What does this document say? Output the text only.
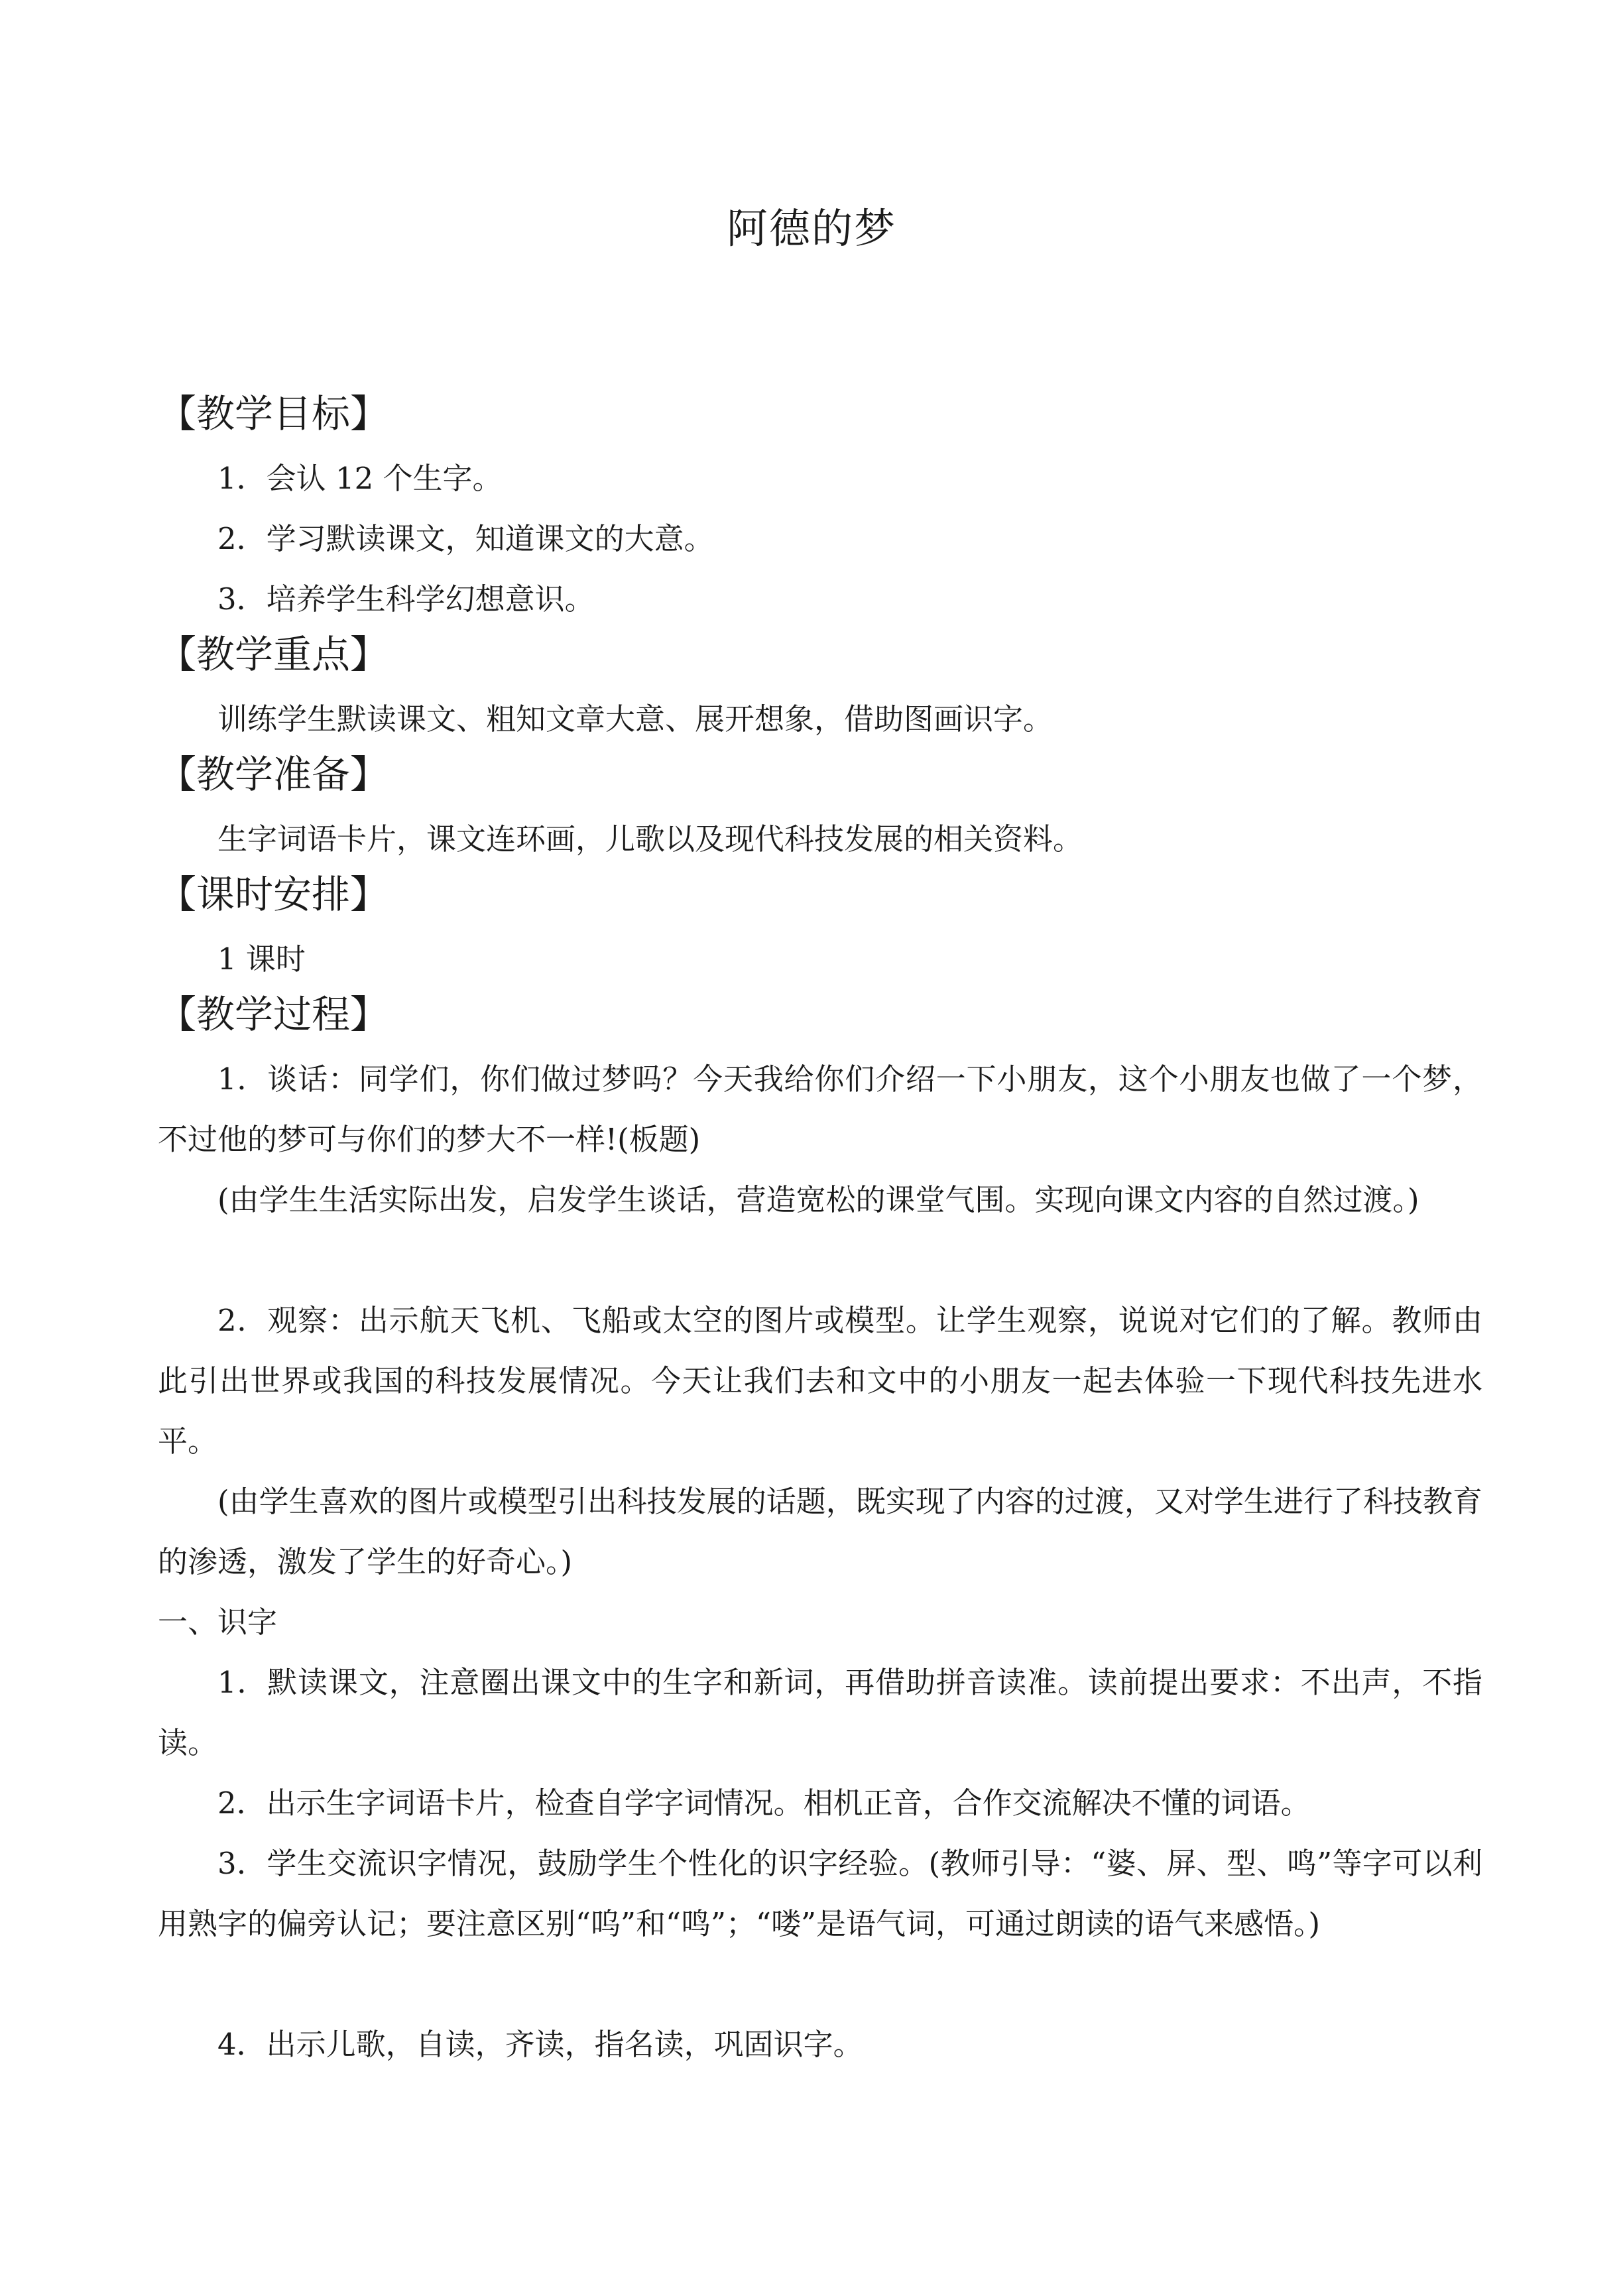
阿德的梦
【教学目标】
1．会认 12 个生字。
2．学习默读课文，知道课文的大意。
3．培养学生科学幻想意识。
【教学重点】
训练学生默读课文、粗知文章大意、展开想象，借助图画识字。
【教学准备】
生字词语卡片，课文连环画，儿歌以及现代科技发展的相关资料。
【课时安排】
1 课时
【教学过程】
1．谈话：同学们，你们做过梦吗？今天我给你们介绍一下小朋友，这个小朋友也做了一个梦，不过他的梦可与你们的梦大不一样!(板题)
(由学生生活实际出发，启发学生谈话，营造宽松的课堂气围。实现向课文内容的自然过渡。)
2．观察：出示航天飞机、飞船或太空的图片或模型。让学生观察，说说对它们的了解。教师由此引出世界或我国的科技发展情况。今天让我们去和文中的小朋友一起去体验一下现代科技先进水平。
(由学生喜欢的图片或模型引出科技发展的话题，既实现了内容的过渡，又对学生进行了科技教育的渗透，激发了学生的好奇心。)
一、识字
1．默读课文，注意圈出课文中的生字和新词，再借助拼音读准。读前提出要求：不出声，不指读。
2．出示生字词语卡片，检查自学字词情况。相机正音，合作交流解决不懂的词语。
3．学生交流识字情况，鼓励学生个性化的识字经验。(教师引导：“婆、屏、型、鸣”等字可以利用熟字的偏旁认记；要注意区别“呜”和“鸣”；“喽”是语气词，可通过朗读的语气来感悟。)
4．出示儿歌，自读，齐读，指名读，巩固识字。
